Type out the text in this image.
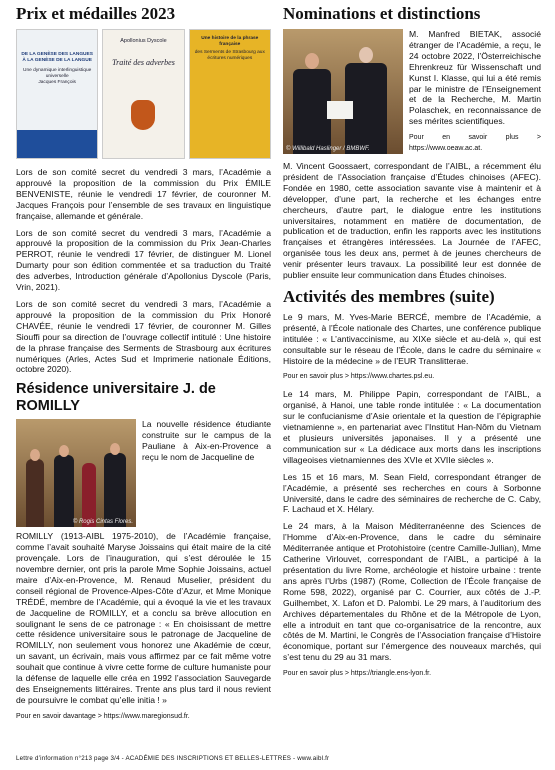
Prix et médailles 2023
DE LA GENÈSE DES LANGUES À LA GENÈSE DE LA LANGUE
Une dynamique interlinguistique universelle
Jacques François
Apollonius Dyscole
Traité des adverbes
Une histoire de la phrase française
des Serments de Strasbourg aux écritures numériques

Lors de son comité secret du vendredi 3 mars, l’Académie a approuvé la proposition de la commission du Prix ÉMILE BENVENISTE, réunie le vendredi 17 février, de couronner M. Jacques François pour l’ensemble de ses travaux en linguistique française, allemande et générale.

Lors de son comité secret du vendredi 3 mars, l’Académie a approuvé la proposition de la commission du Prix Jean-Charles PERROT, réunie le vendredi 17 février, de distinguer M. Lionel Dumarty pour son édition commentée et sa traduction du Traité des adverbes, Introduction générale d’Apollonius Dyscole (Paris, Vrin, 2021).

Lors de son comité secret du vendredi 3 mars, l’Académie a approuvé la proposition de la commission du Prix Honoré CHAVÉE, réunie le vendredi 17 février, de couronner M. Gilles Siouffi pour sa direction de l’ouvrage collectif intitulé : Une histoire de la phrase française des Serments de Strasbourg aux écritures numériques (Arles, Actes Sud et Imprimerie nationale Éditions, octobre 2020).

Résidence universitaire J. de ROMILLY
© Rogis Cintas Flores.

La nouvelle résidence étudiante construite sur le campus de la Pauliane à Aix-en-Provence a reçu le nom de Jacqueline de

ROMILLY (1913-AIBL 1975-2010), de l’Académie française, comme l’avait souhaité Maryse Joissains qui était maire de la cité provençale. Lors de l’inauguration, qui s’est déroulée le 15 novembre dernier, ont pris la parole Mme Sophie Joissains, actuel maire d’Aix-en-Provence, M. Renaud Muselier, président du conseil régional de Provence-Alpes-Côte d’Azur, et Mme Monique TRÉDÉ, membre de l’Académie, qui a évoqué la vie et les travaux de Jacqueline de ROMILLY, et a conclu sa brève allocution en soulignant le sens de ce patronage : « En choisissant de mettre cette résidence universitaire sous le patronage de Jacqueline de ROMILLY, non seulement vous honorez une Akadémie de cœur, un savant, un écrivain, mais vous affirmez par ce fait même votre souhait que continue à vivre cette forme de culture humaniste pour la défense de laquelle elle créa en 1992 l’association Sauvegarde des Enseignements littéraires. Trente ans plus tard il nous revient de poursuivre le combat qu’elle initia ! »

Pour en savoir davantage > https://www.maregionsud.fr.

Nominations et distinctions
© Willibald Haslinger / BMBWF.

M. Manfred BIETAK, associé étranger de l’Académie, a reçu, le 24 octobre 2022, l’Österreichische Ehrenkreuz für Wissenschaft und Kunst I. Klasse, qui lui a été remis par le ministre de l’Enseignement et de la Recherche, M. Martin Polaschek, en reconnaissance de ses mérites scientifiques.

Pour en savoir plus > https://www.oeaw.ac.at.

M. Vincent Goossaert, correspondant de l’AIBL, a récemment élu président de l’Association française d’Études chinoises (AFEC). Fondée en 1980, cette association savante vise à maintenir et à développer, d’une part, la recherche et les échanges entre chercheurs, d’autre part, le dialogue entre les institutions universitaires, notamment en matière de documentation, de publication et de traduction, enfin les rapports avec les institutions françaises et étrangères intéressées. La Journée de l’AFEC, organisée tous les deux ans, permet à de jeunes chercheurs de venir présenter leurs travaux. La possibilité leur est donnée de publier ensuite leur communication dans Études chinoises.

Activités des membres (suite)

Le 9 mars, M. Yves-Marie BERCÉ, membre de l’Académie, a présenté, à l’École nationale des Chartes, une conférence publique intitulée : « L’antivaccinisme, au XIXe siècle et au-delà », qui est consultable sur le réseau de l’École, dans le cadre du séminaire « Histoire de la médecine » de l’EUR Translitterae.

Pour en savoir plus > https://www.chartes.psl.eu.

Le 14 mars, M. Philippe Papin, correspondant de l’AIBL, a organisé, à Hanoi, une table ronde intitulée : « La documentation sur le confucianisme d’Asie orientale et la question de l’épigraphie vietnamienne », en partenariat avec l’Institut Han-Nôm du Vietnam et plusieurs universités japonaises. Il y a présenté une communication sur « La dédicace aux morts dans les inscriptions villageoises vietnamiennes des XVIe et XVIIe siècles ».

Les 15 et 16 mars, M. Sean Field, correspondant étranger de l’Académie, a présenté ses recherches en cours à Sorbonne Université, dans le cadre des séminaires de recherche de C. Caby, F. Lachaud et X. Hélary.

Le 24 mars, à la Maison Méditerranéenne des Sciences de l’Homme d’Aix-en-Provence, dans le cadre du séminaire Méditerranée antique et Protohistoire (centre Camille-Jullian), Mme Catherine Virlouvet, correspondant de l’AIBL, a participé à la présentation du livre Rome, archéologie et histoire urbaine : trente ans après l’Urbs (1987) (Rome, Collection de l’École française de Rome 598, 2022), organisé par C. Courrier, aux côtés de J.-P. Guilhembet, X. Lafon et D. Palombi. Le 29 mars, à l’auditorium des Archives départementales du Rhône et de la Métropole de Lyon, elle a introduit en tant que co-organisatrice de la rencontre, aux côtés de M. Martini, le Congrès de l’Association française d’Histoire économique, portant sur l’émergence des nouveaux marchés, qui s’est tenu du 29 au 31 mars.

Pour en savoir plus > https://triangle.ens-lyon.fr.

Lettre d’information n°213 page 3/4 - ACADÉMIE DES INSCRIPTIONS ET BELLES-LETTRES - www.aibl.fr
